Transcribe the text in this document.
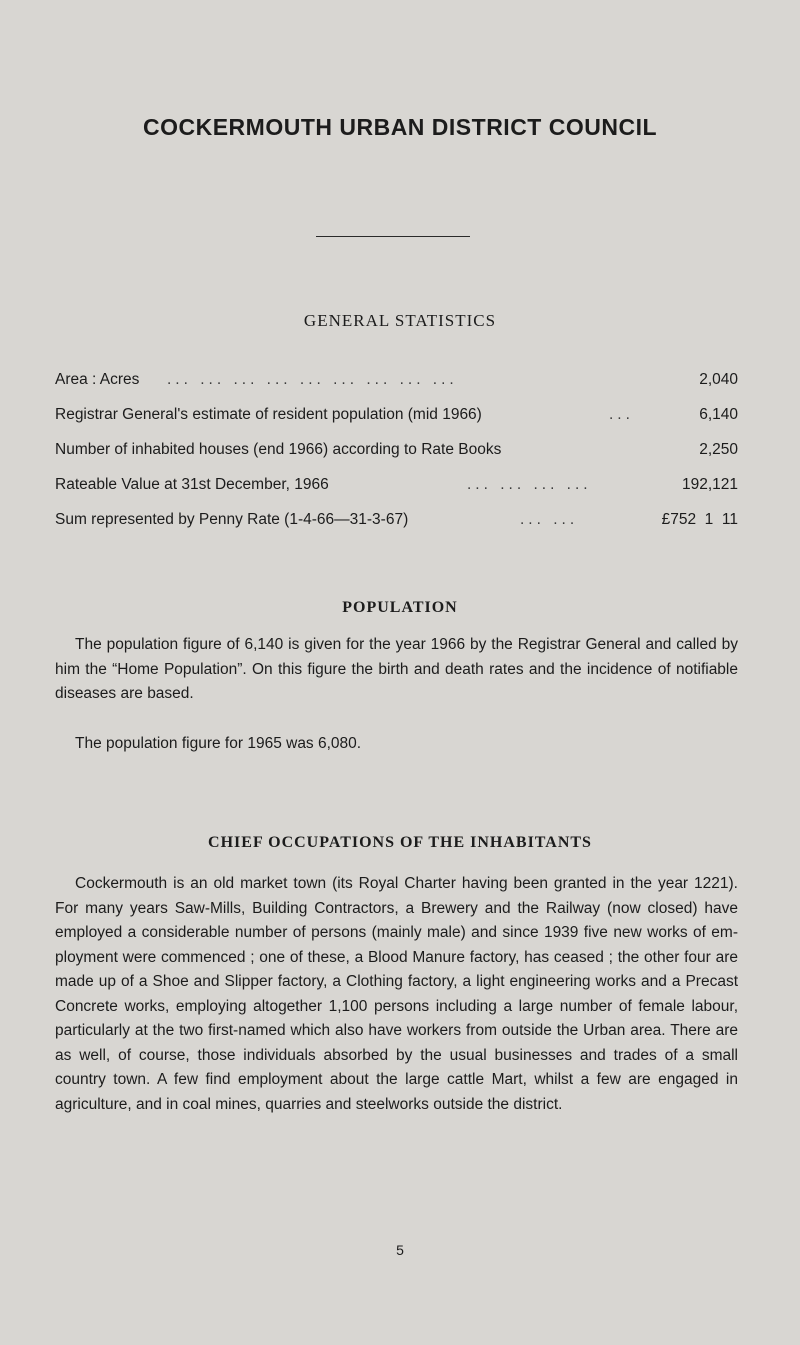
COCKERMOUTH URBAN DISTRICT COUNCIL
GENERAL STATISTICS
Area : Acres ... ... ... ... ... ... ... ... ...	2,040
Registrar General's estimate of resident population (mid 1966)	...	6,140
Number of inhabited houses (end 1966) according to Rate Books	2,250
Rateable Value at 31st December, 1966	... ... ... ...	192,121
Sum represented by Penny Rate (1-4-66—31-3-67)	... ...	£752  1  11
POPULATION

The population figure of 6,140 is given for the year 1966 by the Registrar General and called by him the “Home Population”. On this figure the birth and death rates and the incidence of notifiable diseases are based.

The population figure for 1965 was 6,080.

CHIEF OCCUPATIONS OF THE INHABITANTS

Cockermouth is an old market town (its Royal Charter having been granted in the year 1221). For many years Saw-Mills, Building Contractors, a Brewery and the Railway (now closed) have employed a considerable number of persons (mainly male) and since 1939 five new works of em-ployment were commenced ; one of these, a Blood Manure factory, has ceased ; the other four are made up of a Shoe and Slipper factory, a Clothing factory, a light engineering works and a Precast Concrete works, employing altogether 1,100 persons including a large number of female labour, particularly at the two first-named which also have workers from outside the Urban area. There are as well, of course, those individuals absorbed by the usual businesses and trades of a small country town. A few find employment about the large cattle Mart, whilst a few are engaged in agriculture, and in coal mines, quarries and steelworks outside the district.

5
